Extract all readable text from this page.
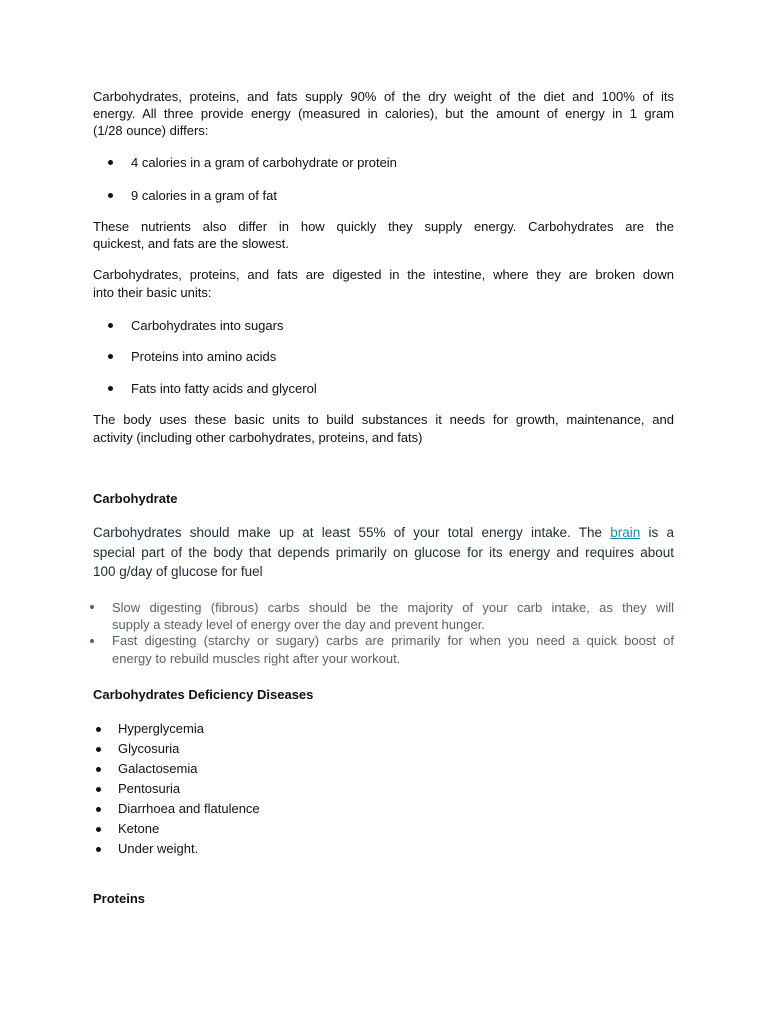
Carbohydrates, proteins, and fats supply 90% of the dry weight of the diet and 100% of its
energy. All three provide energy (measured in calories), but the amount of energy in 1 gram
(1/28 ounce) differs:
4 calories in a gram of carbohydrate or protein
9 calories in a gram of fat
These nutrients also differ in how quickly they supply energy. Carbohydrates are the
quickest, and fats are the slowest.
Carbohydrates, proteins, and fats are digested in the intestine, where they are broken down
into their basic units:
Carbohydrates into sugars
Proteins into amino acids
Fats into fatty acids and glycerol
The body uses these basic units to build substances it needs for growth, maintenance, and
activity (including other carbohydrates, proteins, and fats)
Carbohydrate
Carbohydrates should make up at least 55% of your total energy intake. The brain is a
special part of the body that depends primarily on glucose for its energy and requires about
100 g/day of glucose for fuel
Slow digesting (fibrous) carbs should be the majority of your carb intake, as they will
supply a steady level of energy over the day and prevent hunger.
Fast digesting (starchy or sugary) carbs are primarily for when you need a quick boost of
energy to rebuild muscles right after your workout.
Carbohydrates Deficiency Diseases
Hyperglycemia
Glycosuria
Galactosemia
Pentosuria
Diarrhoea and flatulence
Ketone
Under weight.
Proteins
